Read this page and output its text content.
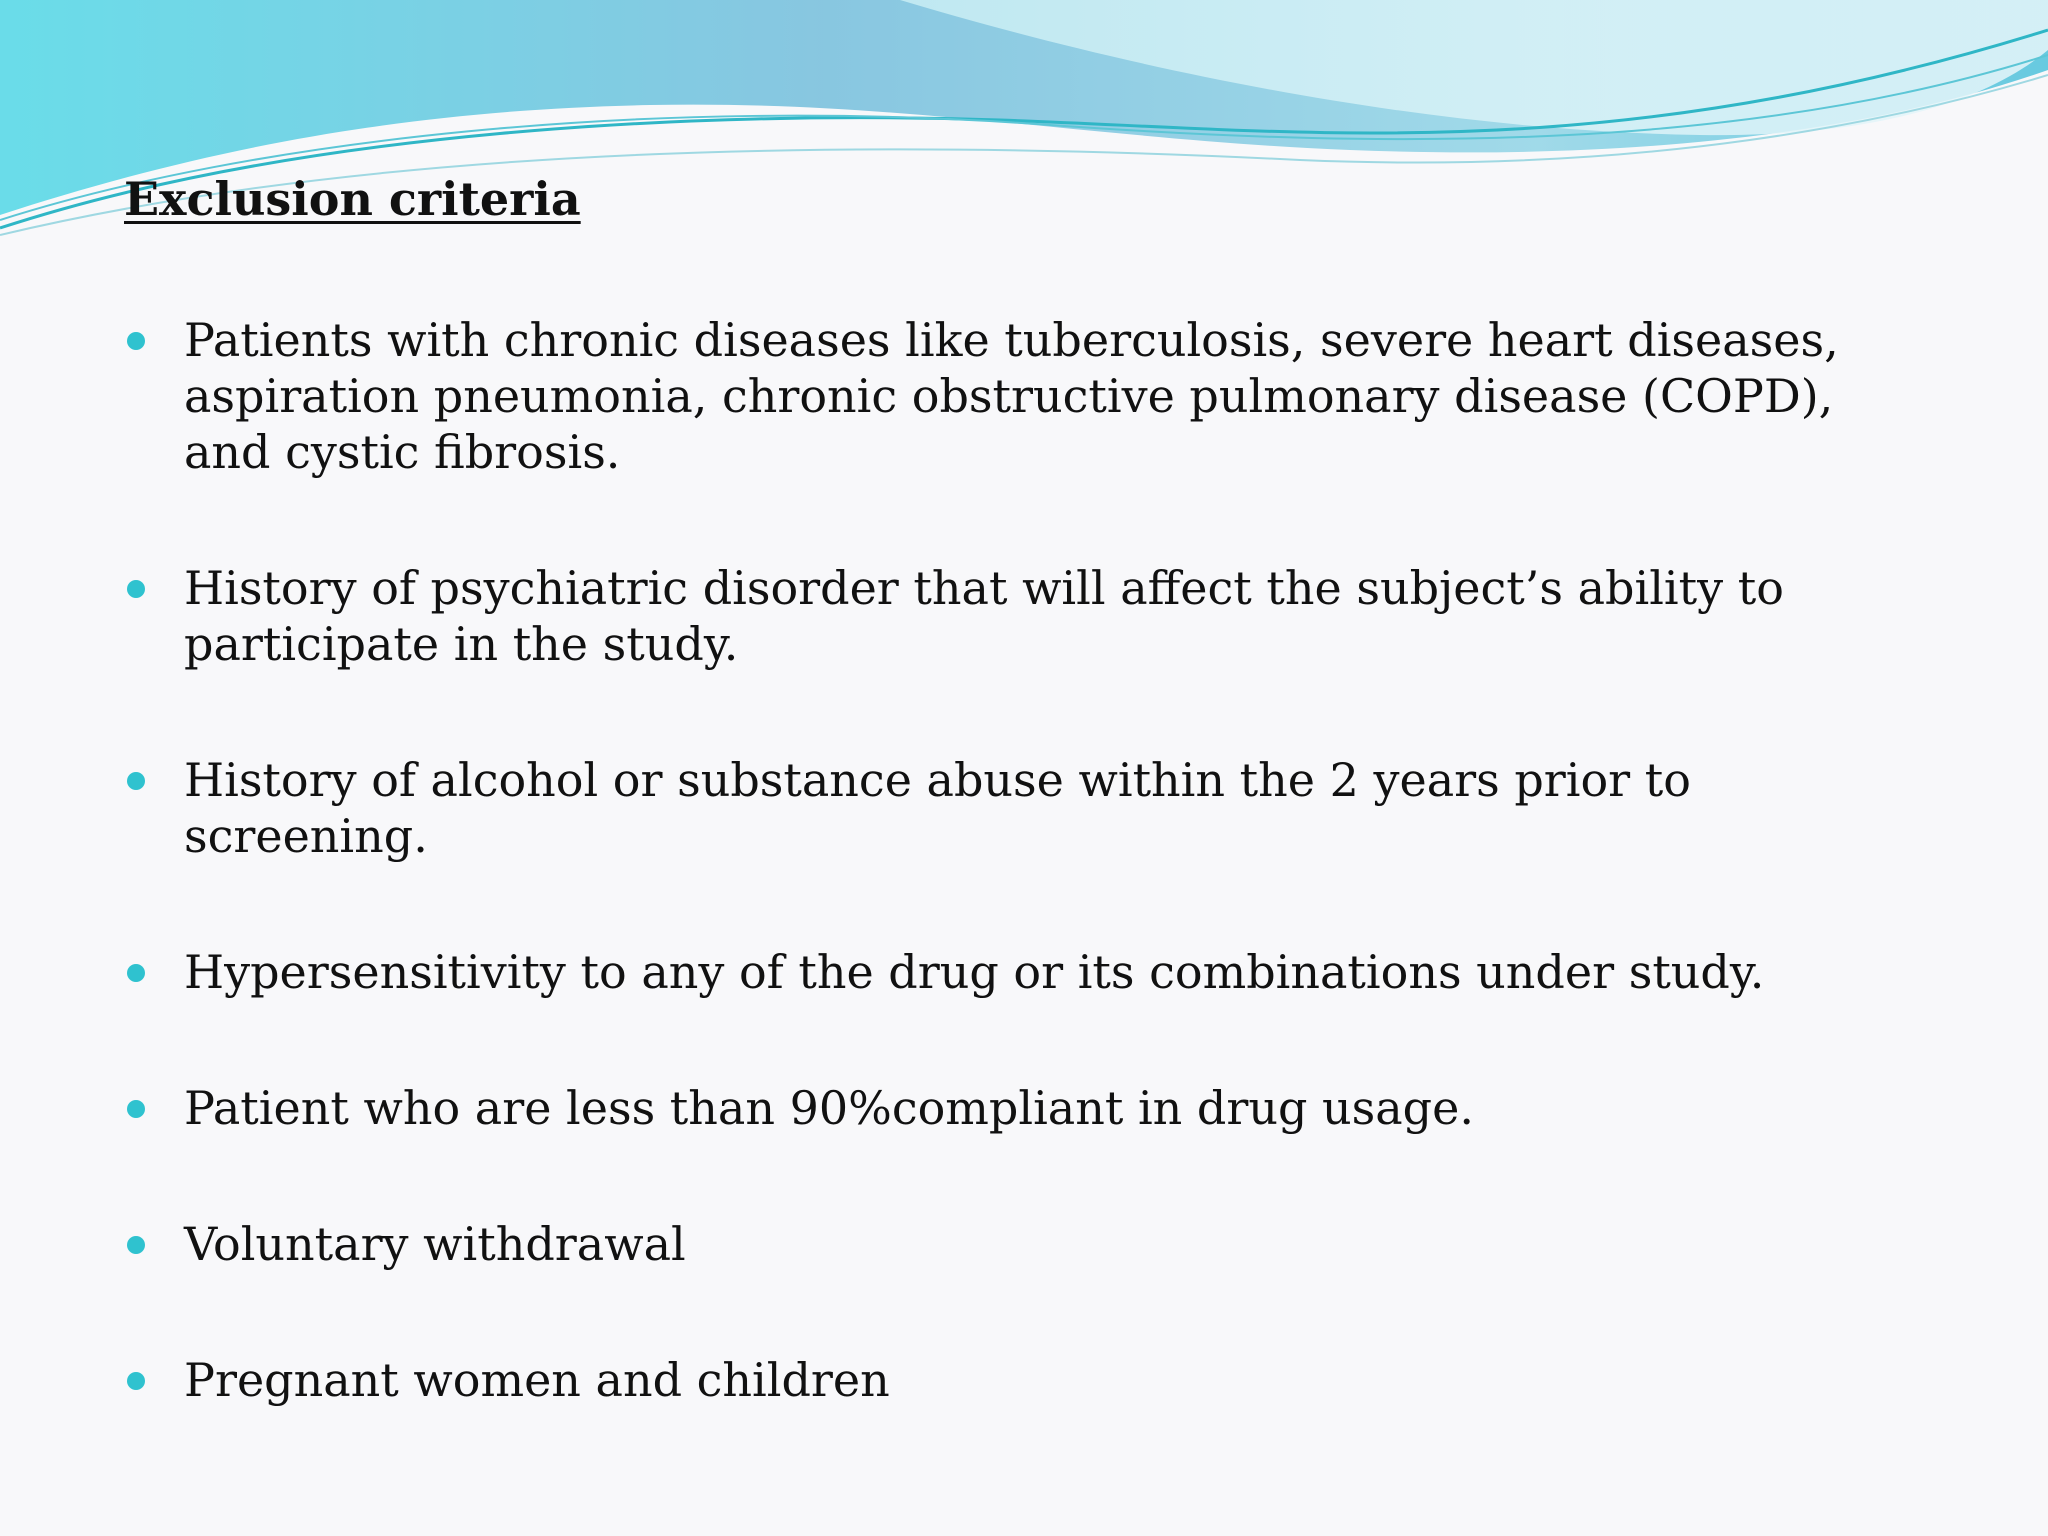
Exclusion criteria
Patients with chronic diseases like tuberculosis, severe heart diseases, aspiration pneumonia, chronic obstructive pulmonary disease (COPD), and cystic fibrosis.
History of psychiatric disorder that will affect the subject’s ability to participate in the study.
History of alcohol or substance abuse within the 2 years prior to screening.
Hypersensitivity to any of the drug or its combinations under study.
Patient who are less than 90%compliant in drug usage.
Voluntary withdrawal
Pregnant women and children
